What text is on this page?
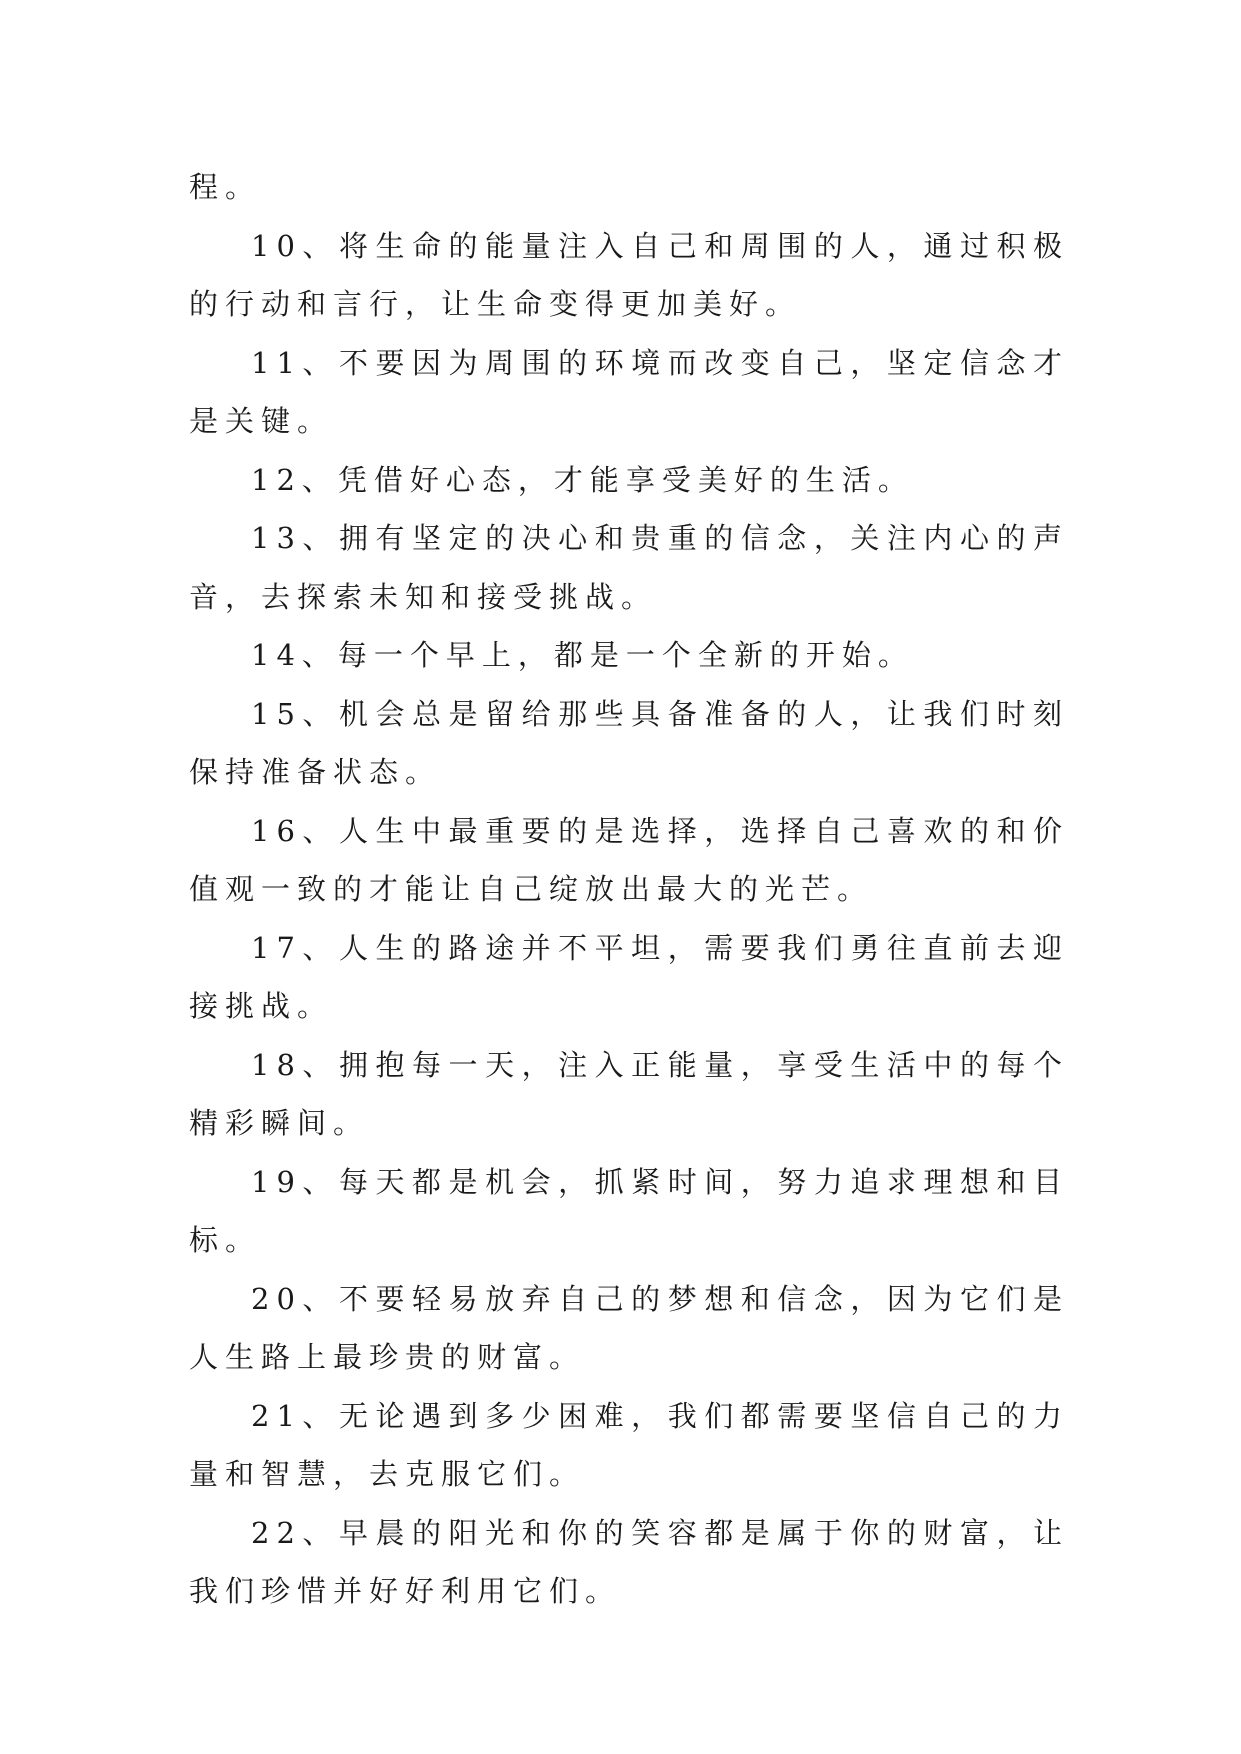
程。

10、将生命的能量注入自己和周围的人，通过积极的行动和言行，让生命变得更加美好。

11、不要因为周围的环境而改变自己，坚定信念才是关键。

12、凭借好心态，才能享受美好的生活。

13、拥有坚定的决心和贵重的信念，关注内心的声音，去探索未知和接受挑战。

14、每一个早上，都是一个全新的开始。

15、机会总是留给那些具备准备的人，让我们时刻保持准备状态。

16、人生中最重要的是选择，选择自己喜欢的和价值观一致的才能让自己绽放出最大的光芒。

17、人生的路途并不平坦，需要我们勇往直前去迎接挑战。

18、拥抱每一天，注入正能量，享受生活中的每个精彩瞬间。

19、每天都是机会，抓紧时间，努力追求理想和目标。

20、不要轻易放弃自己的梦想和信念，因为它们是人生路上最珍贵的财富。

21、无论遇到多少困难，我们都需要坚信自己的力量和智慧，去克服它们。

22、早晨的阳光和你的笑容都是属于你的财富，让我们珍惜并好好利用它们。
